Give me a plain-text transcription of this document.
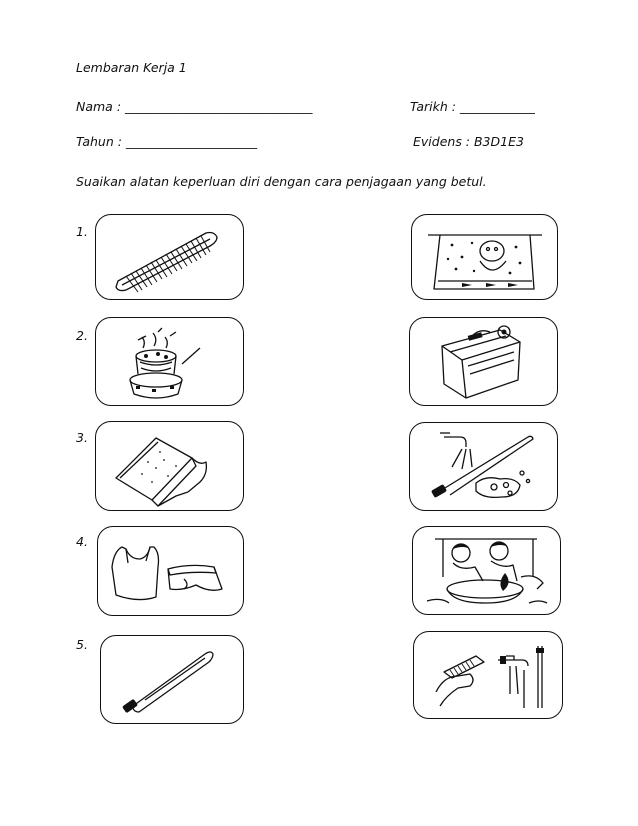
Lembaran Kerja 1
Nama : ______________________________	Tarikh : ____________
Tahun : _____________________	Evidens : B3D1E3
Suaikan alatan keperluan diri dengan cara penjagaan yang betul.
1.
2.
3.
4.
5.
